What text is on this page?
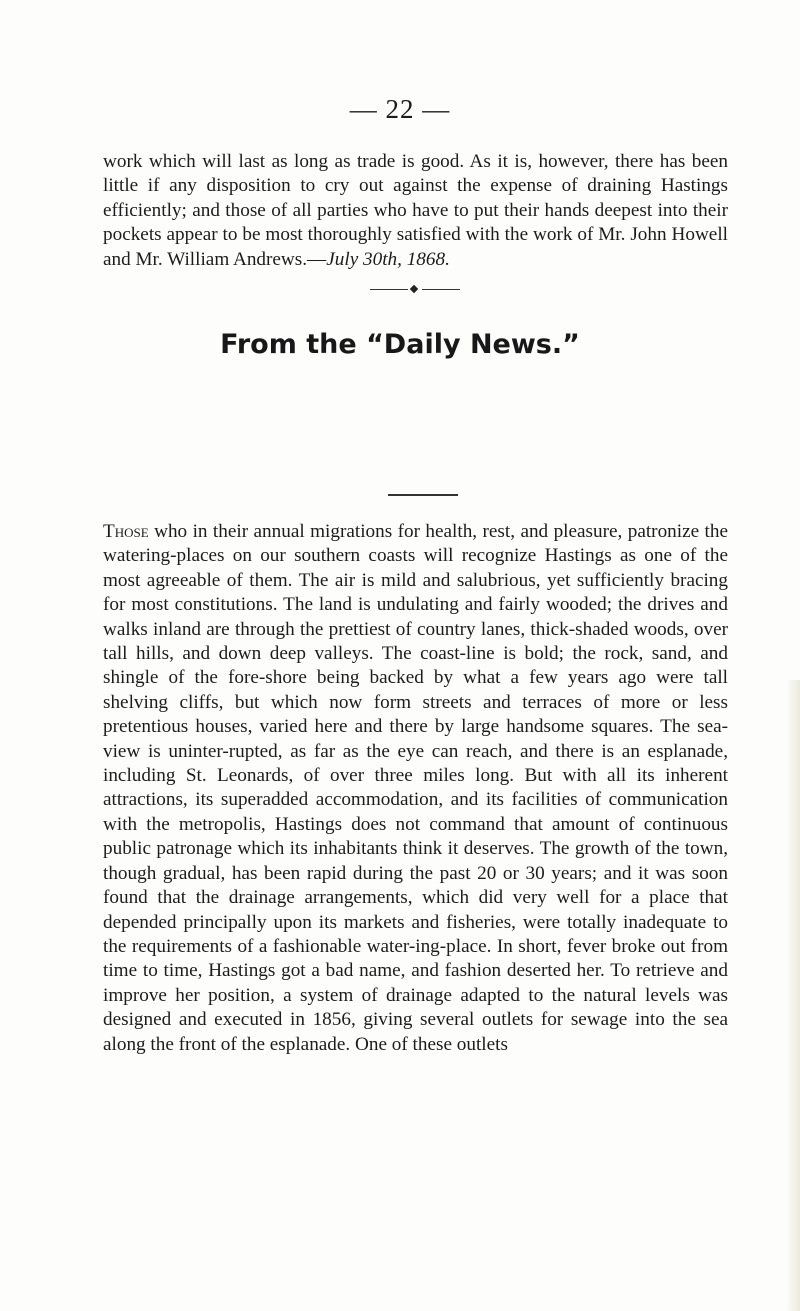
— 22 —

work which will last as long as trade is good. As it is, however, there has been little if any disposition to cry out against the expense of draining Hastings efficiently; and those of all parties who have to put their hands deepest into their pockets appear to be most thoroughly satisfied with the work of Mr. John Howell and Mr. William Andrews.—July 30th, 1868.

From the “Daily News.”

Those who in their annual migrations for health, rest, and pleasure, patronize the watering-places on our southern coasts will recognize Hastings as one of the most agreeable of them. The air is mild and salubrious, yet sufficiently bracing for most constitutions. The land is undulating and fairly wooded; the drives and walks inland are through the prettiest of country lanes, thick-shaded woods, over tall hills, and down deep valleys. The coast-line is bold; the rock, sand, and shingle of the fore-shore being backed by what a few years ago were tall shelving cliffs, but which now form streets and terraces of more or less pretentious houses, varied here and there by large handsome squares. The sea-view is uninter-rupted, as far as the eye can reach, and there is an esplanade, including St. Leonards, of over three miles long. But with all its inherent attractions, its superadded accommodation, and its facilities of communication with the metropolis, Hastings does not command that amount of continuous public patronage which its inhabitants think it deserves. The growth of the town, though gradual, has been rapid during the past 20 or 30 years; and it was soon found that the drainage arrangements, which did very well for a place that depended principally upon its markets and fisheries, were totally inadequate to the requirements of a fashionable water-ing-place. In short, fever broke out from time to time, Hastings got a bad name, and fashion deserted her. To retrieve and improve her position, a system of drainage adapted to the natural levels was designed and executed in 1856, giving several outlets for sewage into the sea along the front of the esplanade. One of these outlets
